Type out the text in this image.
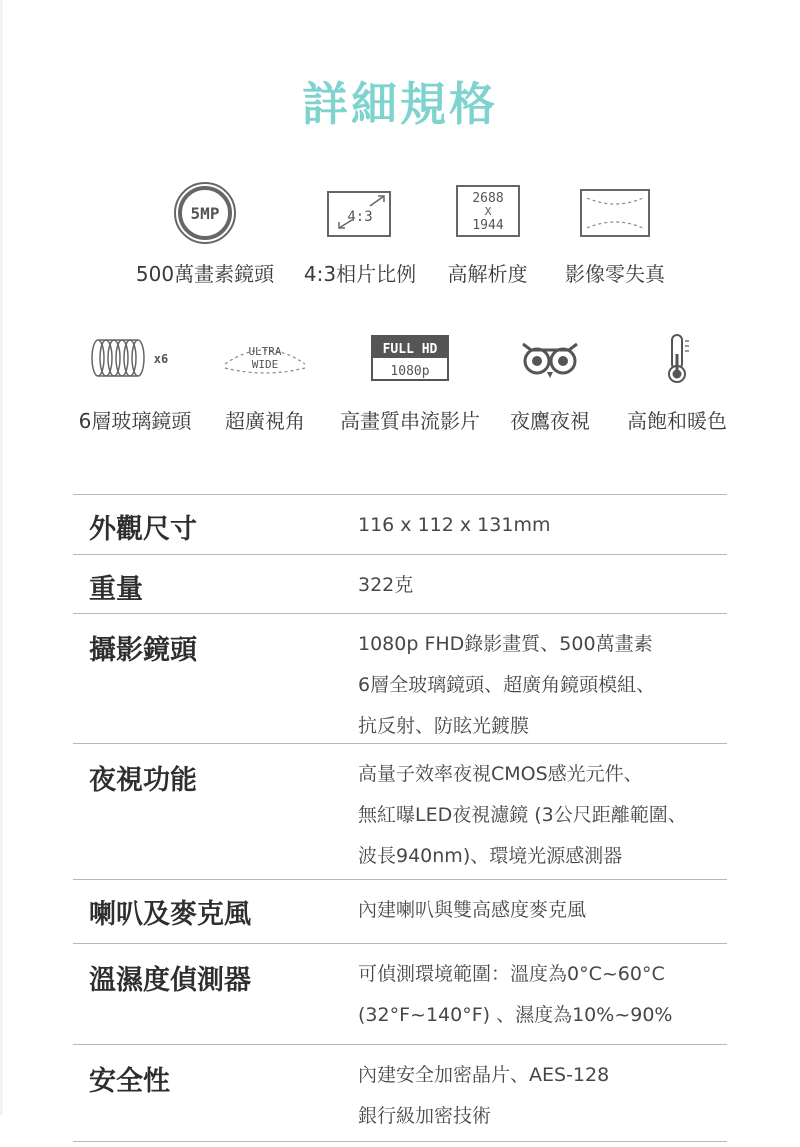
詳細規格
5MP
500萬畫素鏡頭
4:3
4:3相片比例
2688
X
1944
高解析度	影像零失真
x6
6層玻璃鏡頭
ULTRA
WIDE
超廣視角
FULL HD
1080p
高畫質串流影片	夜鷹夜視	高飽和暖色
外觀尺寸	116 x 112 x 131mm
重量	322克
攝影鏡頭	1080p FHD錄影畫質、500萬畫素
6層全玻璃鏡頭、超廣角鏡頭模組、
抗反射、防眩光鍍膜
夜視功能	高量子效率夜視CMOS感光元件、
無紅曝LED夜視濾鏡 (3公尺距離範圍、
波長940nm)、環境光源感測器
喇叭及麥克風	內建喇叭與雙高感度麥克風
溫濕度偵測器	可偵測環境範圍：溫度為0°C~60°C
(32°F~140°F) 、濕度為10%~90%
安全性	內建安全加密晶片、AES-128
銀行級加密技術
